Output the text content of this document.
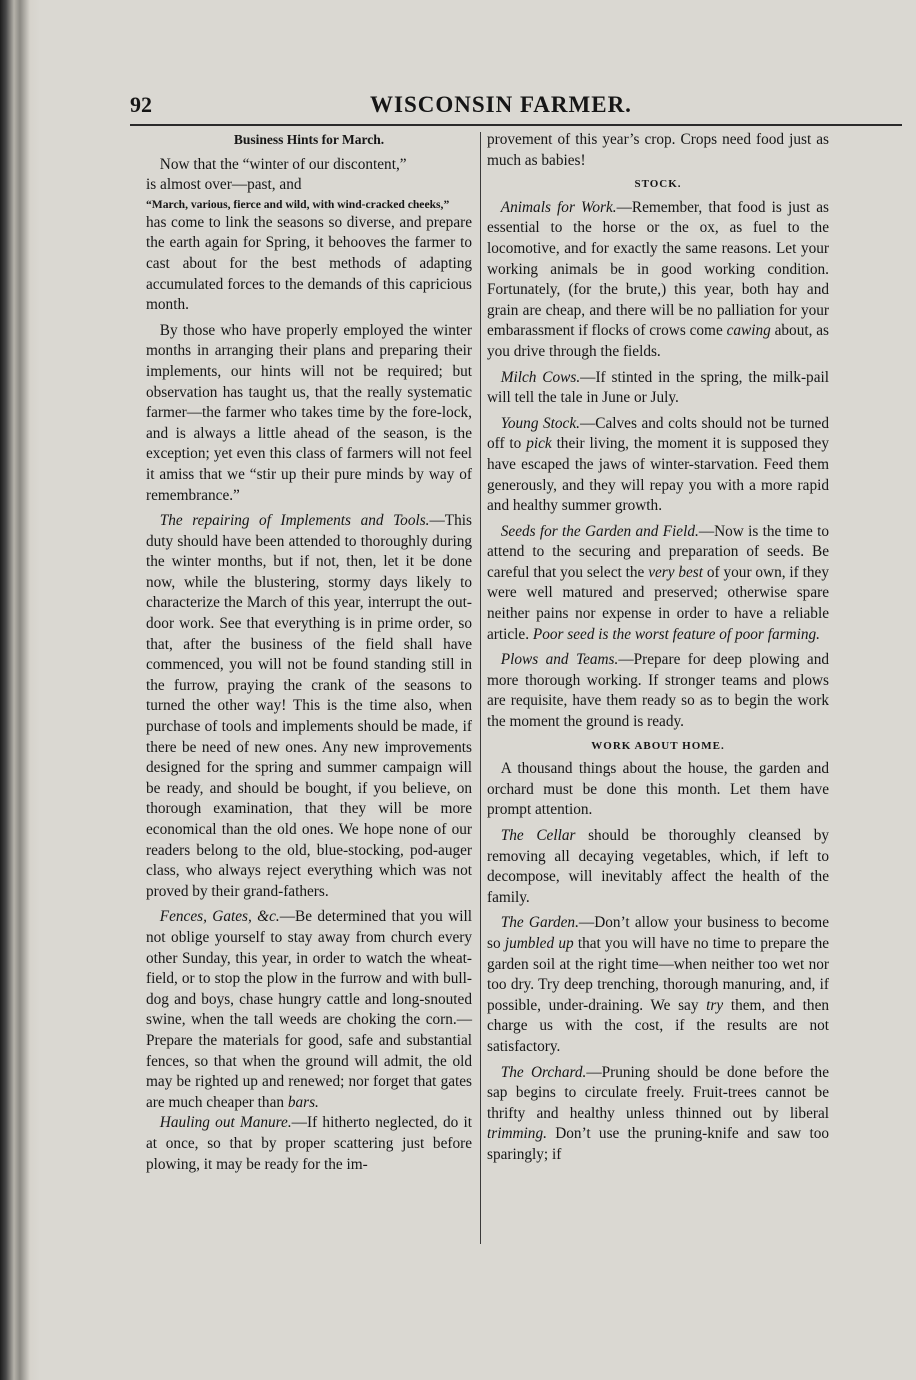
92	WISCONSIN FARMER.

Business Hints for March.

Now that the “winter of our discontent,”

is almost over—past, and

“March, various, fierce and wild, with wind-cracked cheeks,”

has come to link the seasons so diverse, and prepare the earth again for Spring, it behooves the farmer to cast about for the best methods of adapting accumulated forces to the demands of this capricious month.

By those who have properly employed the winter months in arranging their plans and preparing their implements, our hints will not be required; but observation has taught us, that the really systematic farmer—the farmer who takes time by the fore-lock, and is always a little ahead of the season, is the exception; yet even this class of farmers will not feel it amiss that we “stir up their pure minds by way of remembrance.”

The repairing of Implements and Tools.—This duty should have been attended to thoroughly during the winter months, but if not, then, let it be done now, while the blustering, stormy days likely to characterize the March of this year, interrupt the out-door work. See that everything is in prime order, so that, after the business of the field shall have commenced, you will not be found standing still in the furrow, praying the crank of the seasons to turned the other way! This is the time also, when purchase of tools and implements should be made, if there be need of new ones. Any new improvements designed for the spring and summer campaign will be ready, and should be bought, if you believe, on thorough examination, that they will be more economical than the old ones. We hope none of our readers belong to the old, blue-stocking, pod-auger class, who always reject everything which was not proved by their grand-fathers.

Fences, Gates, &c.—Be determined that you will not oblige yourself to stay away from church every other Sunday, this year, in order to watch the wheat-field, or to stop the plow in the furrow and with bull-dog and boys, chase hungry cattle and long-snouted swine, when the tall weeds are choking the corn.—Prepare the materials for good, safe and substantial fences, so that when the ground will admit, the old may be righted up and renewed; nor forget that gates are much cheaper than bars.

Hauling out Manure.—If hitherto neglected, do it at once, so that by proper scattering just before plowing, it may be ready for the im-

provement of this year’s crop. Crops need food just as much as babies!

STOCK.

Animals for Work.—Remember, that food is just as essential to the horse or the ox, as fuel to the locomotive, and for exactly the same reasons. Let your working animals be in good working condition. Fortunately, (for the brute,) this year, both hay and grain are cheap, and there will be no palliation for your embarassment if flocks of crows come cawing about, as you drive through the fields.

Milch Cows.—If stinted in the spring, the milk-pail will tell the tale in June or July.

Young Stock.—Calves and colts should not be turned off to pick their living, the moment it is supposed they have escaped the jaws of winter-starvation. Feed them generously, and they will repay you with a more rapid and healthy summer growth.

Seeds for the Garden and Field.—Now is the time to attend to the securing and preparation of seeds. Be careful that you select the very best of your own, if they were well matured and preserved; otherwise spare neither pains nor expense in order to have a reliable article. Poor seed is the worst feature of poor farming.

Plows and Teams.—Prepare for deep plowing and more thorough working. If stronger teams and plows are requisite, have them ready so as to begin the work the moment the ground is ready.

WORK ABOUT HOME.

A thousand things about the house, the garden and orchard must be done this month. Let them have prompt attention.

The Cellar should be thoroughly cleansed by removing all decaying vegetables, which, if left to decompose, will inevitably affect the health of the family.

The Garden.—Don’t allow your business to become so jumbled up that you will have no time to prepare the garden soil at the right time—when neither too wet nor too dry. Try deep trenching, thorough manuring, and, if possible, under-draining. We say try them, and then charge us with the cost, if the results are not satisfactory.

The Orchard.—Pruning should be done before the sap begins to circulate freely. Fruit-trees cannot be thrifty and healthy unless thinned out by liberal trimming. Don’t use the pruning-knife and saw too sparingly; if
